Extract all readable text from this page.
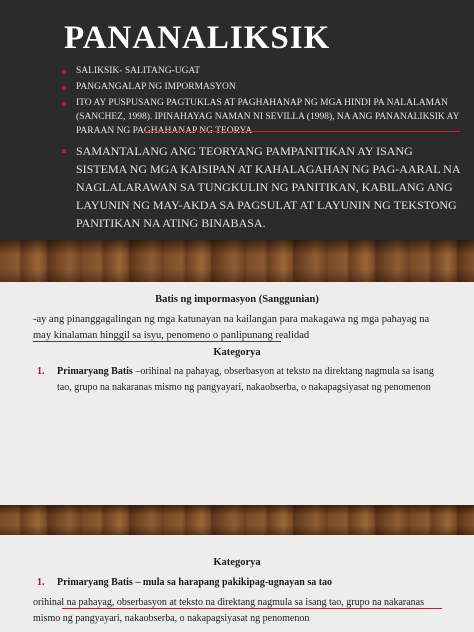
PANANALIKSIK
SALIKSIK- SALITANG-UGAT
PANGANGALAP NG IMPORMASYON
ITO AY PUSPUSANG PAGTUKLAS AT PAGHAHANAP NG MGA HINDI PA NALALAMAN (SANCHEZ, 1998). IPINAHAYAG NAMAN NI SEVILLA (1998), NA ANG PANANALIKSIK AY PARAAN NG PAGHAHANAP NG TEORYA
SAMANTALANG ANG TEORYANG PAMPANITIKAN AY ISANG SISTEMA NG MGA KAISIPAN AT KAHALAGAHAN NG PAG-AARAL NA NAGLALARAWAN SA TUNGKULIN NG PANITIKAN, KABILANG ANG LAYUNIN NG MAY-AKDA SA PAGSULAT AT LAYUNIN NG TEKSTONG PANITIKAN NA ATING BINABASA.
Batis ng impormasyon (Sanggunian)

-ay ang pinanggagalingan ng mga katunayan na kailangan para makagawa ng mga pahayag na may kinalaman hinggil sa isyu, penomeno o panlipunang realidad

Kategorya
1.	Primaryang Batis –orihinal na pahayag, obserbasyon at teksto na direktang nagmula sa isang tao, grupo na nakaranas mismo ng pangyayari, nakaobserba, o nakapagsiyasat ng penomenon
Kategorya
1.	Primaryang Batis – mula sa harapang pakikipag-ugnayan sa tao

orihinal na pahayag, obserbasyon at teksto na direktang nagmula sa isang tao, grupo na nakaranas mismo ng pangyayari, nakaobserba, o nakapagsiyasat ng penomenon
